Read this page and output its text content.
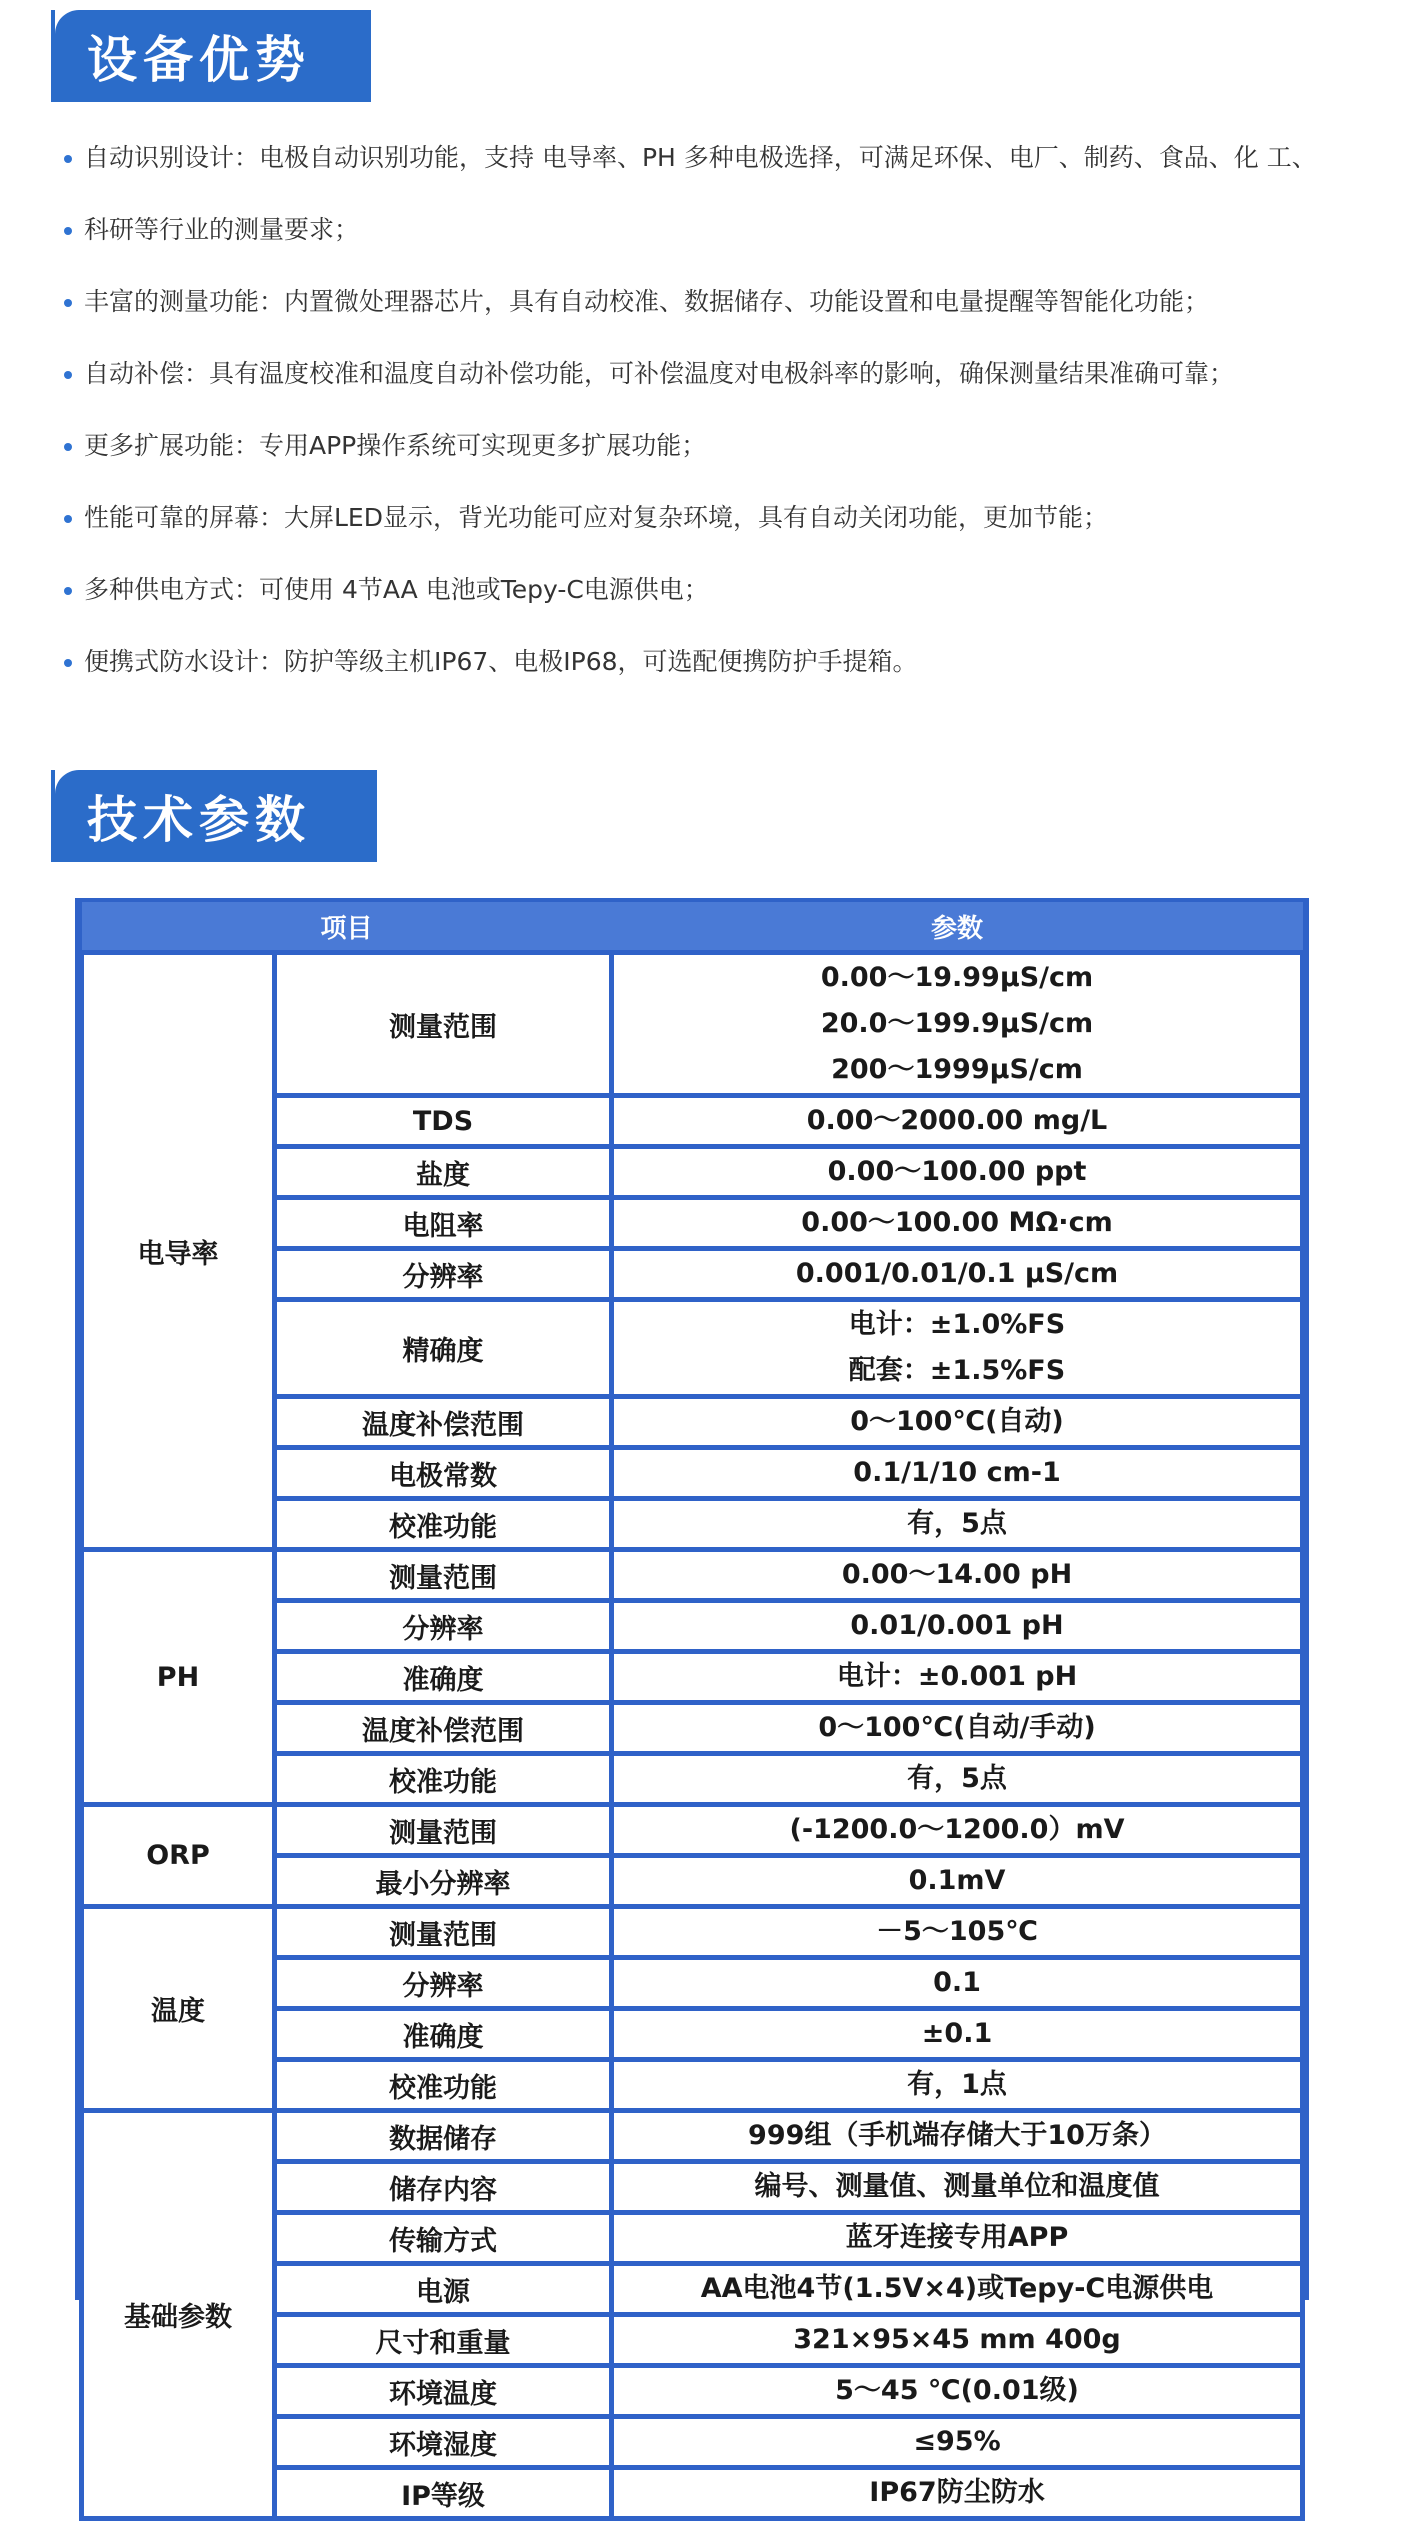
设备优势
自动识别设计：电极自动识别功能，支持 电导率、PH 多种电极选择，可满足环保、电厂、制药、食品、化 工、
科研等行业的测量要求；
丰富的测量功能：内置微处理器芯片，具有自动校准、数据储存、功能设置和电量提醒等智能化功能；
自动补偿：具有温度校准和温度自动补偿功能，可补偿温度对电极斜率的影响，确保测量结果准确可靠；
更多扩展功能：专用APP操作系统可实现更多扩展功能；
性能可靠的屏幕：大屏LED显示，背光功能可应对复杂环境，具有自动关闭功能，更加节能；
多种供电方式：可使用 4节AA 电池或Tepy-C电源供电；
便携式防水设计：防护等级主机IP67、电极IP68，可选配便携防护手提箱。
技术参数
项目		参数
电导率	测量范围	0.00～19.99μS/cm
20.0～199.9μS/cm
200～1999μS/cm

	TDS	0.00～2000.00 mg/L

	盐度	0.00～100.00 ppt

	电阻率	0.00～100.00 MΩ·cm

	分辨率	0.001/0.01/0.1 μS/cm

	精确度	电计：±1.0%FS
配套：±1.5%FS

	温度补偿范围	0～100℃(自动)

	电极常数	0.1/1/10 cm-1

	校准功能	有，5点

PH	测量范围	0.00～14.00 pH

	分辨率	0.01/0.001 pH

	准确度	电计：±0.001 pH

	温度补偿范围	0～100℃(自动/手动)

	校准功能	有，5点

ORP	测量范围	(-1200.0～1200.0）mV

	最小分辨率	0.1mV

温度	测量范围	－5～105℃

	分辨率	0.1

	准确度	±0.1

	校准功能	有，1点

基础参数	数据储存	999组（手机端存储大于10万条）

	储存内容	编号、测量值、测量单位和温度值

	传输方式	蓝牙连接专用APP

	电源	AA电池4节(1.5V×4)或Tepy-C电源供电

	尺寸和重量	321×95×45 mm 400g

	环境温度	5～45 ℃(0.01级)

	环境湿度	≤95%

	IP等级	IP67防尘防水
